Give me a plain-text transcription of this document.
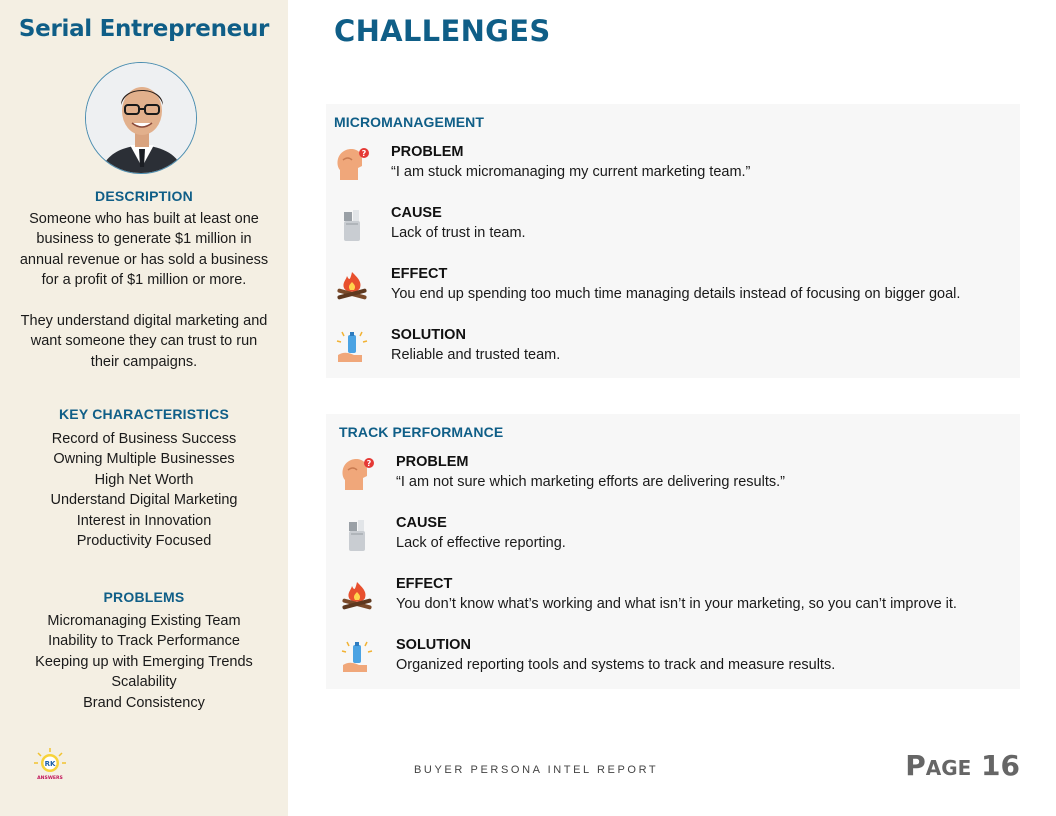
Serial Entrepreneur
DESCRIPTION
Someone who has built at least one
business to generate $1 million in
annual revenue or has sold a business
for a profit of $1 million or more.
They understand digital marketing and
want someone they can trust to run
their campaigns.
KEY CHARACTERISTICS
Record of Business Success
Owning Multiple Businesses
High Net Worth
Understand Digital Marketing
Interest in Innovation
Productivity Focused
PROBLEMS
Micromanaging Existing Team
Inability to Track Performance
Keeping up with Emerging Trends
Scalability
Brand Consistency
RK
ANSWERS
CHALLENGES
MICROMANAGEMENT
? PROBLEM
“I am stuck micromanaging my current marketing team.”
CAUSE
Lack of trust in team.
EFFECT
You end up spending too much time managing details instead of focusing on bigger goal.
SOLUTION
Reliable and trusted team.
TRACK PERFORMANCE
? PROBLEM
“I am not sure which marketing efforts are delivering results.”
CAUSE
Lack of effective reporting.
EFFECT
You don’t know what’s working and what isn’t in your marketing, so you can’t improve it.
SOLUTION
Organized reporting tools and systems to track and measure results.
BUYER PERSONA INTEL REPORT	PAGE 16
